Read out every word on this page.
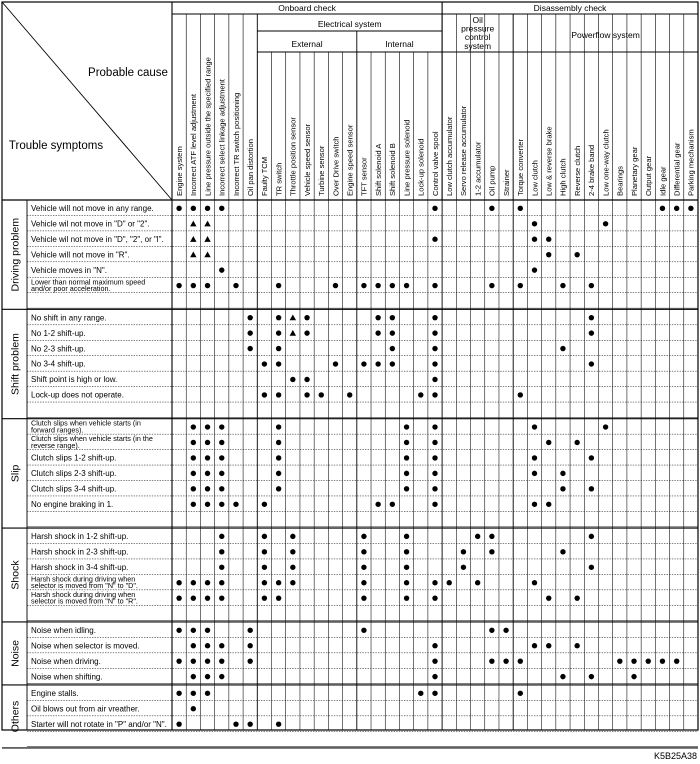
Onboard check	Disassembly check
Electrical system
External	Internal
Oil
pressure
control
system
Powerflow system
Engine system Incorrect ATF level adjustment Line pressure outside the specified range Incorrect select linkage adjustment Incorrect TR switch positioning Oil pan distortion Faulty TCM TR switch Throttle position sensor Vehicle speed sensor Turbine sensor Over Drive switch Engine speed sensor TFT sensor Shift solenoid A Shift solenoid B Line pressure solenoid Lock-up solenoid Control valve spool Low clutch accumulator Servo release accumulator 1-2 accumulator Oil pump Strainer Torque converter Low clutch Low & reverse brake High clutch Reverse clutch 2-4 brake band Low one-way clutch Bearings Planetary gear Output gear Idle gear Differential gear Parking mechanism
Probable cause
Trouble symptoms
Vehicle will not move in any range.
Vehicle wil not move in "D" or "2".
Vehicle wil not move in "D", "2", or "l".
Vehicle will not move in "R".
Vehicle moves in "N".
Lower than normal maximum speed
and/or poor acceleration.
Driving problem
No shift in any range.
No 1-2 shift-up.
No 2-3 shift-up.
No 3-4 shift-up.
Shift point is high or low.
Lock-up does not operate.
Shift problem
Clutch slips when vehicle starts (in
forward ranges).
Clutch slips when vehicle starts (in the
reverse range).
Clutch slips 1-2 shift-up.
Clutch slips 2-3 shift-up.
Clutch slips 3-4 shift-up.
No engine braking in 1.
Slip
Harsh shock in 1-2 shift-up.
Harsh shock in 2-3 shift-up.
Harsh shock in 3-4 shift-up.
Harsh shock during driving when
selector is moved from "N" to "D".
Harsh shock during driving when
selector is moved from "N" to "R".
Shock
Noise when idling.
Noise when selector is moved.
Noise when driving.
Noise when shifting.
Noise
Engine stalls.
Oil blows out from air vreather.
Starter will not rotate in "P" and/or "N".
Others
K5B25A38
